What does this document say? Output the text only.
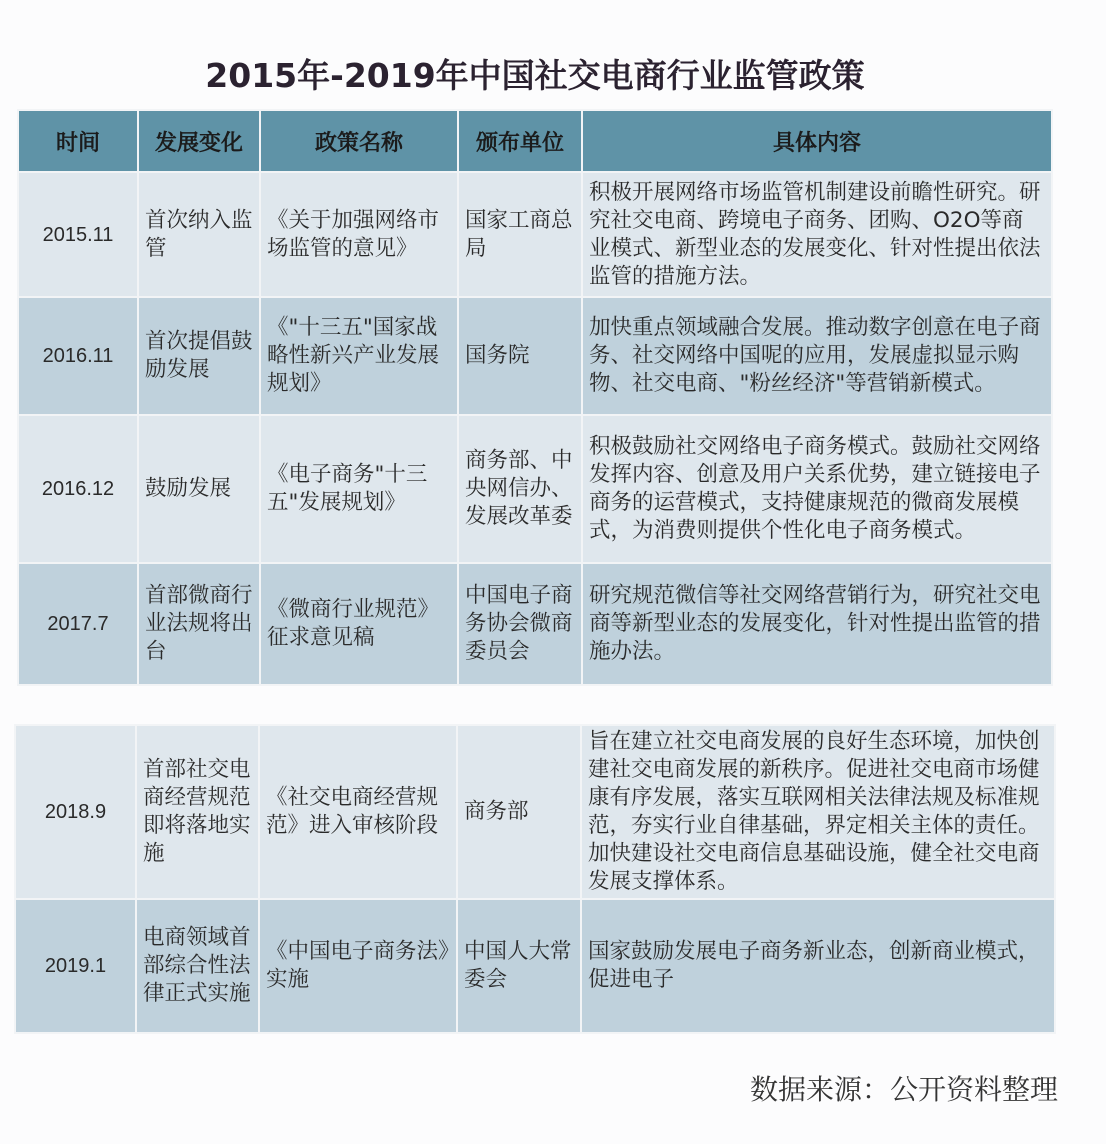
2015年-2019年中国社交电商行业监管政策
时间	发展变化	政策名称	颁布单位	具体内容
2015.11	首次纳入监管	《关于加强网络市场监管的意见》	国家工商总局	积极开展网络市场监管机制建设前瞻性研究。研究社交电商、跨境电子商务、团购、O2O等商业模式、新型业态的发展变化、针对性提出依法监管的措施方法。
2016.11	首次提倡鼓励发展	《"十三五"国家战略性新兴产业发展规划》	国务院	加快重点领域融合发展。推动数字创意在电子商务、社交网络中国呢的应用，发展虚拟显示购物、社交电商、"粉丝经济"等营销新模式。
2016.12	鼓励发展	《电子商务"十三五"发展规划》	商务部、中央网信办、发展改革委	积极鼓励社交网络电子商务模式。鼓励社交网络发挥内容、创意及用户关系优势，建立链接电子商务的运营模式，支持健康规范的微商发展模式，为消费则提供个性化电子商务模式。
2017.7	首部微商行业法规将出台	《微商行业规范》征求意见稿	中国电子商务协会微商委员会	研究规范微信等社交网络营销行为，研究社交电商等新型业态的发展变化，针对性提出监管的措施办法。
2018.9	首部社交电商经营规范即将落地实施	《社交电商经营规范》进入审核阶段	商务部	旨在建立社交电商发展的良好生态环境，加快创建社交电商发展的新秩序。促进社交电商市场健康有序发展，落实互联网相关法律法规及标准规范，夯实行业自律基础，界定相关主体的责任。加快建设社交电商信息基础设施，健全社交电商发展支撑体系。
2019.1	电商领域首部综合性法律正式实施	《中国电子商务法》实施	中国人大常委会	国家鼓励发展电子商务新业态，创新商业模式，促进电子
数据来源：公开资料整理
